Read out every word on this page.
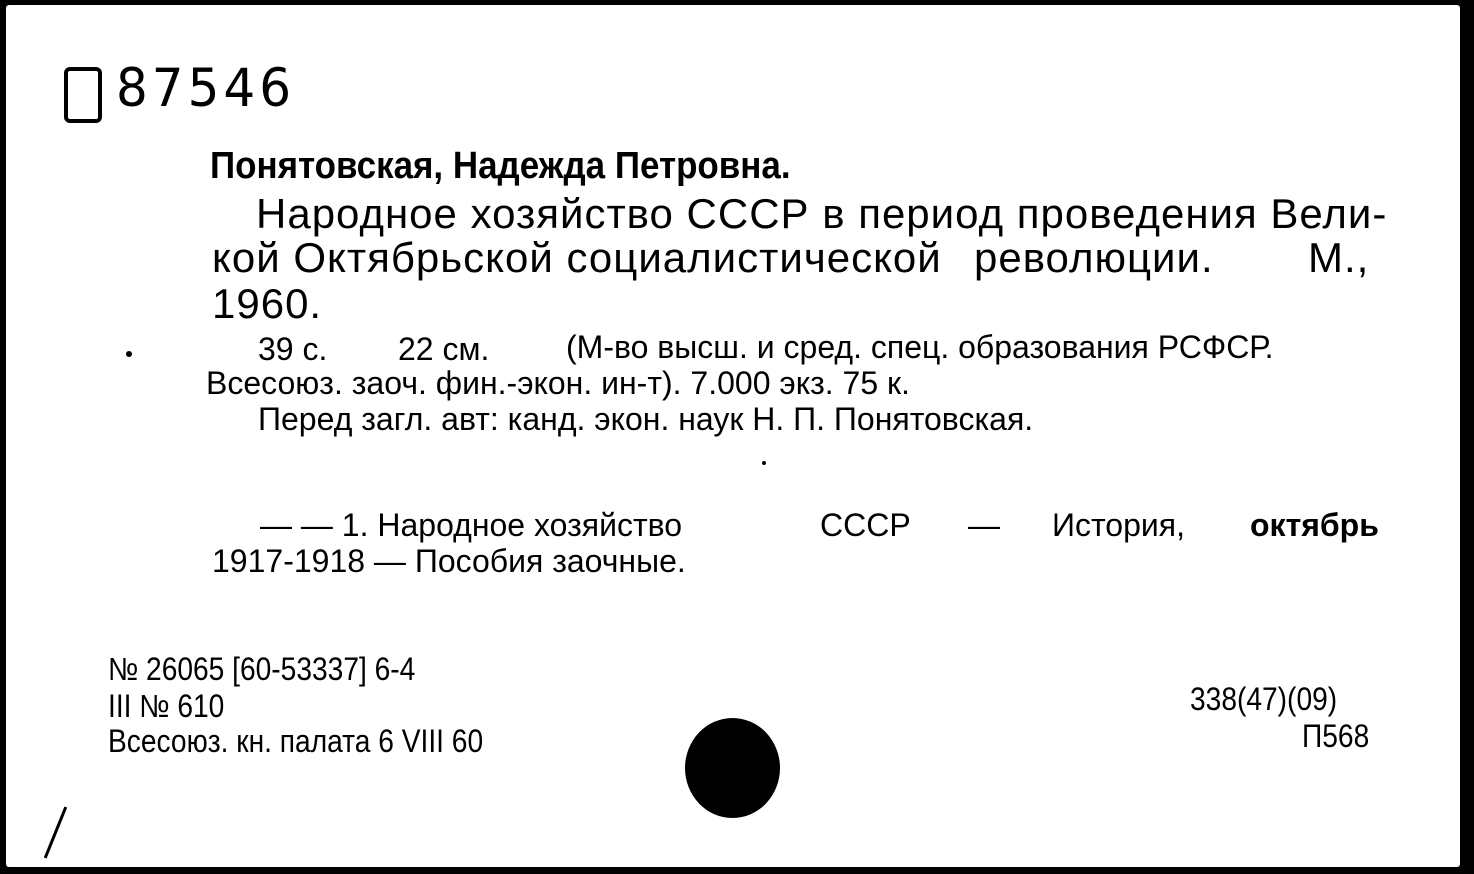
87546
Понятовская, Надежда Петровна.
Народное хозяйство СССР в период проведения Вели-
кой Октябрьской социалистической революции. М.,
1960.
39 с. 22 см. (М-во высш. и сред. спец. образования РСФСР.
Всесоюз. заоч. фин.-экон. ин-т). 7.000 экз. 75 к.
Перед загл. авт: канд. экон. наук Н. П. Понятовская.
— — 1. Народное хозяйство	СССР — История, октябрь
1917-1918 — Пособия заочные.
№ 26065 [60-53337] 6-4
III № 610
Всесоюз. кн. палата 6 VIII 60
338(47)(09)
П568
